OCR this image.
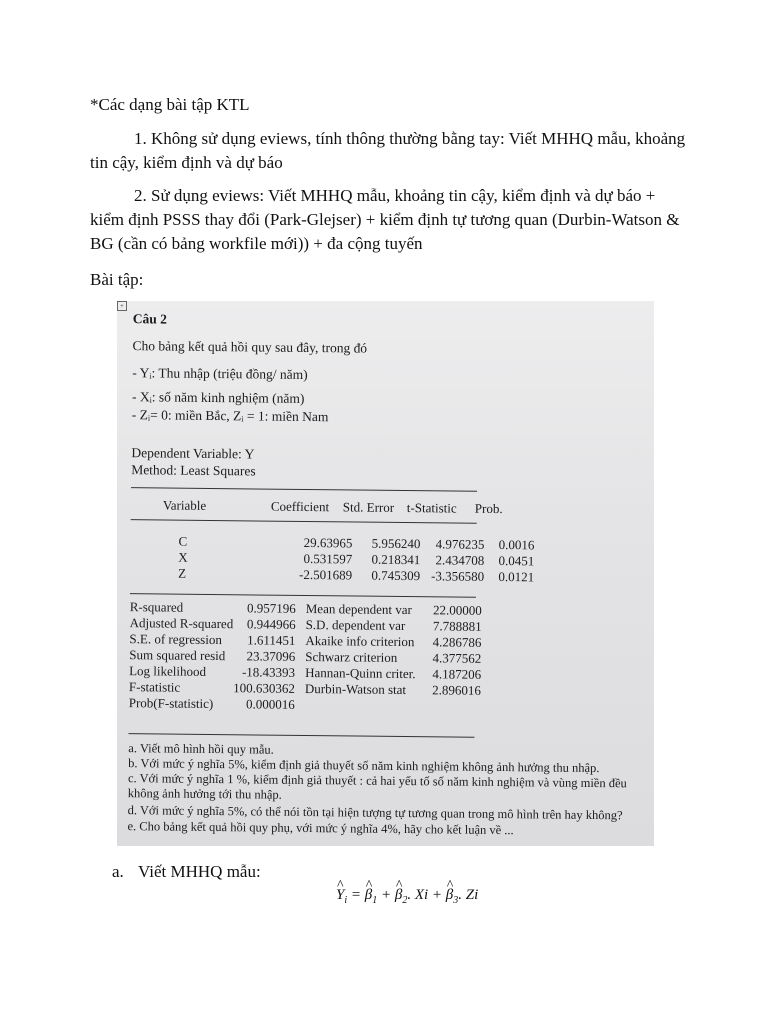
*Các dạng bài tập KTL
1. Không sử dụng eviews, tính thông thường bằng tay: Viết MHHQ mẫu, khoảng tin cậy, kiểm định và dự báo
2. Sử dụng eviews: Viết MHHQ mẫu, khoảng tin cậy, kiểm định và dự báo + kiểm định PSSS thay đổi (Park-Glejser) + kiểm định tự tương quan (Durbin-Watson & BG (cần có bảng workfile mới)) + đa cộng tuyến
Bài tập:
+
Câu 2
Cho bảng kết quả hồi quy sau đây, trong đó
- Yᵢ: Thu nhập (triệu đồng/ năm)
- Xᵢ: số năm kinh nghiệm (năm)
- Zᵢ= 0: miền Bắc, Zᵢ = 1: miền Nam
Dependent Variable: Y
Method: Least Squares
Variable	Coefficient	Std. Error	t-Statistic	Prob.
C	29.63965	5.956240	4.976235	0.0016
X	0.531597	0.218341	2.434708	0.0451
Z	-2.501689	0.745309	-3.356580	0.0121
R-squared	0.957196	Mean dependent var	22.00000
Adjusted R-squared	0.944966	S.D. dependent var	7.788881
S.E. of regression	1.611451	Akaike info criterion	4.286786
Sum squared resid	23.37096	Schwarz criterion	4.377562
Log likelihood	-18.43393	Hannan-Quinn criter.	4.187206
F-statistic	100.630362	Durbin-Watson stat	2.896016
Prob(F-statistic)	0.000016		
a. Viết mô hình hồi quy mẫu.
b. Với mức ý nghĩa 5%, kiểm định giả thuyết số năm kinh nghiệm không ảnh hưởng thu nhập.
c. Với mức ý nghĩa 1 %, kiểm định giả thuyết : cả hai yếu tố số năm kinh nghiệm và vùng miền đều
không ảnh hưởng tới thu nhập.
d. Với mức ý nghĩa 5%, có thể nói tồn tại hiện tượng tự tương quan trong mô hình trên hay không?
e. Cho bảng kết quả hồi quy phụ, với mức ý nghĩa 4%, hãy cho kết luận về ...
a. Viết MHHQ mẫu:
^ $Y_i$ = ^ $\beta_1$ + ^ $\beta_2$. Xi + ^ $\beta_3$. Zi
